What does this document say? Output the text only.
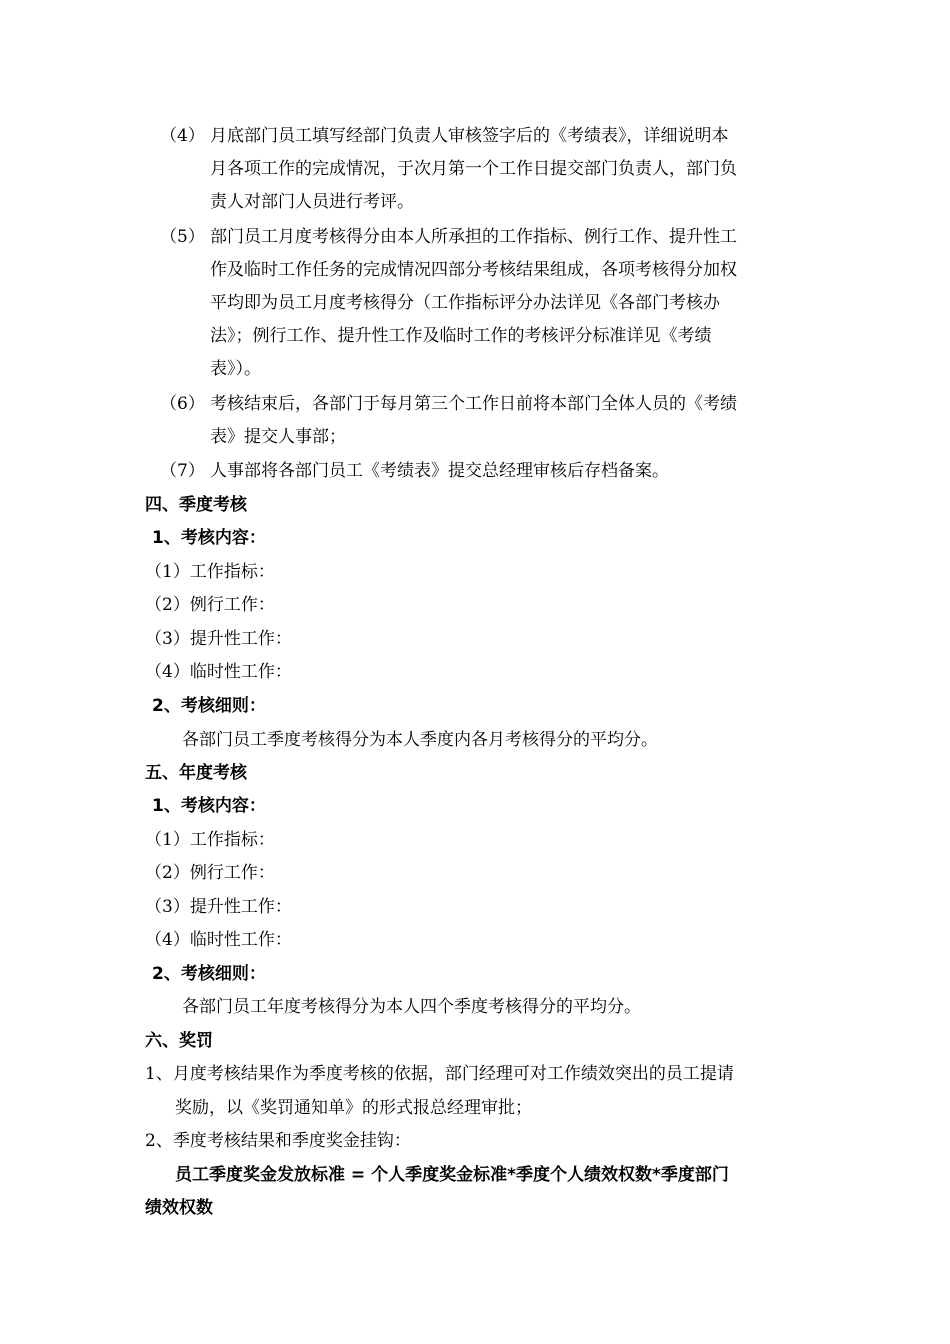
（4） 月底部门员工填写经部门负责人审核签字后的《考绩表》，详细说明本
月各项工作的完成情况，于次月第一个工作日提交部门负责人，部门负
责人对部门人员进行考评。
（5） 部门员工月度考核得分由本人所承担的工作指标、例行工作、提升性工
作及临时工作任务的完成情况四部分考核结果组成，各项考核得分加权
平均即为员工月度考核得分（工作指标评分办法详见《各部门考核办
法》；例行工作、提升性工作及临时工作的考核评分标准详见《考绩
表》）。
（6） 考核结束后，各部门于每月第三个工作日前将本部门全体人员的《考绩
表》提交人事部；
（7） 人事部将各部门员工《考绩表》提交总经理审核后存档备案。
四、季度考核
1、考核内容：
（1）工作指标：
（2）例行工作：
（3）提升性工作：
（4）临时性工作：
2、考核细则：
各部门员工季度考核得分为本人季度内各月考核得分的平均分。
五、年度考核
1、考核内容：
（1）工作指标：
（2）例行工作：
（3）提升性工作：
（4）临时性工作：
2、考核细则：
各部门员工年度考核得分为本人四个季度考核得分的平均分。
六、奖罚
1、月度考核结果作为季度考核的依据，部门经理可对工作绩效突出的员工提请
奖励，以《奖罚通知单》的形式报总经理审批；
2、季度考核结果和季度奖金挂钩：
员工季度奖金发放标准 = 个人季度奖金标准*季度个人绩效权数*季度部门
绩效权数
